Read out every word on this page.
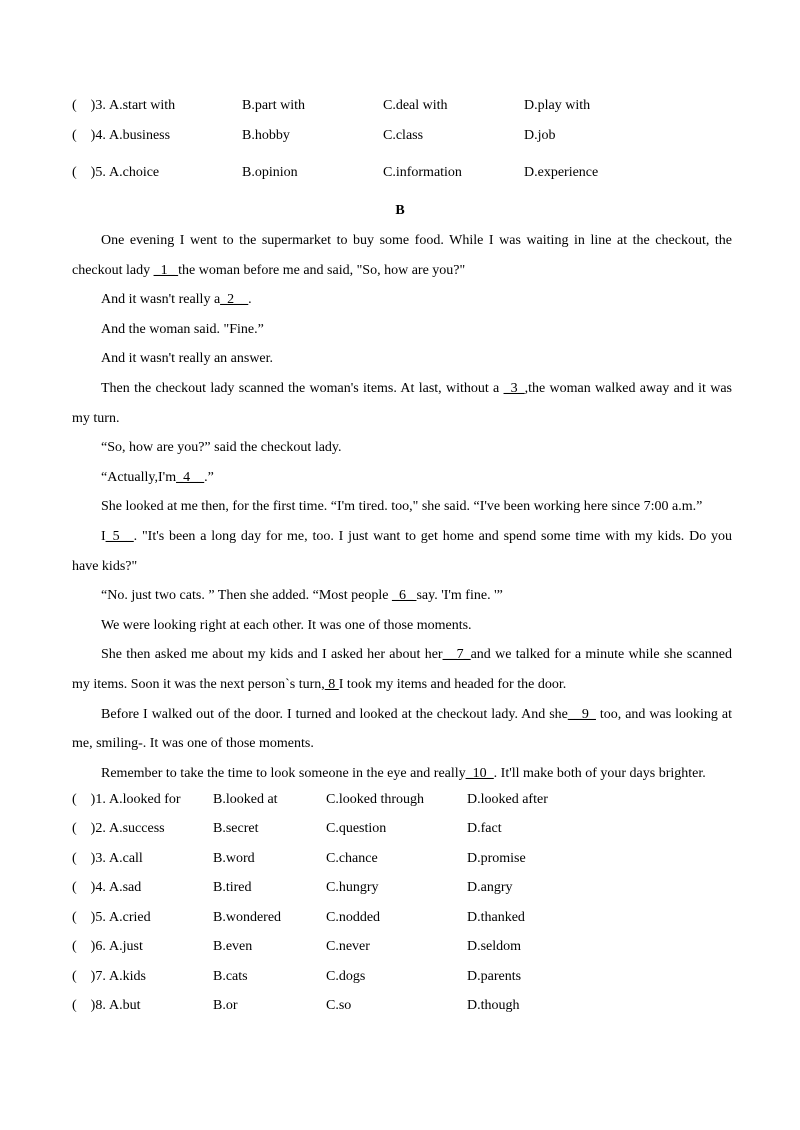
(　)3. A.start with	B.part with	C.deal with	D.play with
(　)4. A.business	B.hobby	C.class	D.job
(　)5. A.choice	B.opinion	C.information	D.experience
B

One evening I went to the supermarket to buy some food. While I was waiting in line at the checkout, the checkout lady _1_ the woman before me and said, "So, how are you?"

And it wasn't really a_2__.

And the woman said. "Fine.”

And it wasn't really an answer.

Then the checkout lady scanned the woman's items. At last, without a _3_,the woman walked away and it was my turn.

“So, how are you?” said the checkout lady.

“Actually,I'm_4__.”

She looked at me then, for the first time. “I'm tired. too," she said. “I've been working here since 7:00 a.m.”

I_5__. "It's been a long day for me, too. I just want to get home and spend some time with my kids. Do you have kids?"

“No. just two cats. ” Then she added. “Most people _6_ say. 'I'm fine. '”

We were looking right at each other. It was one of those moments.

She then asked me about my kids and I asked her about her__7_and we talked for a minute while she scanned my items. Soon it was the next person`s turn, 8 I took my items and headed for the door.

Before I walked out of the door. I turned and looked at the checkout lady. And she__9_ too, and was looking at me, smiling-. It was one of those moments.

Remember to take the time to look someone in the eye and really_10_. It'll make both of your days brighter.

(　)1. A.looked for B.looked at	C.looked through	D.looked after
(　)2. A.success	B.secret	C.question	D.fact
(　)3. A.call	B.word	C.chance	D.promise
(　)4. A.sad	B.tired	C.hungry	D.angry
(　)5. A.cried	B.wondered	C.nodded	D.thanked
(　)6. A.just	B.even	C.never	D.seldom
(　)7. A.kids	B.cats	C.dogs	D.parents
(　)8. A.but	B.or	C.so	D.though
